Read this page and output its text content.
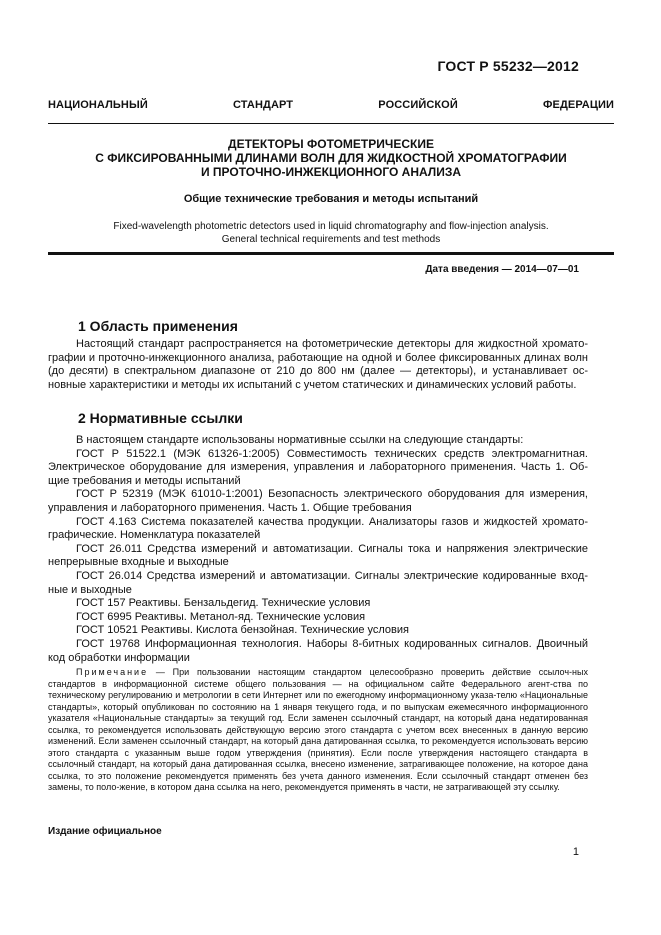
ГОСТ Р 55232—2012
НАЦИОНАЛЬНЫЙ СТАНДАРТ РОССИЙСКОЙ ФЕДЕРАЦИИ
ДЕТЕКТОРЫ ФОТОМЕТРИЧЕСКИЕ
С ФИКСИРОВАННЫМИ ДЛИНАМИ ВОЛН ДЛЯ ЖИДКОСТНОЙ ХРОМАТОГРАФИИ
И ПРОТОЧНО-ИНЖЕКЦИОННОГО АНАЛИЗА
Общие технические требования и методы испытаний
Fixed-wavelength photometric detectors used in liquid chromatography and flow-injection analysis.
General technical requirements and test methods
Дата введения — 2014—07—01
1 Область применения

Настоящий стандарт распространяется на фотометрические детекторы для жидкостной хромато-графии и проточно-инжекционного анализа, работающие на одной и более фиксированных длинах волн (до десяти) в спектральном диапазоне от 210 до 800 нм (далее — детекторы), и устанавливает ос-новные характеристики и методы их испытаний с учетом статических и динамических условий работы.

2 Нормативные ссылки

В настоящем стандарте использованы нормативные ссылки на следующие стандарты:

ГОСТ Р 51522.1 (МЭК 61326-1:2005) Совместимость технических средств электромагнитная. Электрическое оборудование для измерения, управления и лабораторного применения. Часть 1. Об-щие требования и методы испытаний

ГОСТ Р 52319 (МЭК 61010-1:2001) Безопасность электрического оборудования для измерения, управления и лабораторного применения. Часть 1. Общие требования

ГОСТ 4.163 Система показателей качества продукции. Анализаторы газов и жидкостей хромато-графические. Номенклатура показателей

ГОСТ 26.011 Средства измерений и автоматизации. Сигналы тока и напряжения электрические непрерывные входные и выходные

ГОСТ 26.014 Средства измерений и автоматизации. Сигналы электрические кодированные вход-ные и выходные

ГОСТ 157 Реактивы. Бензальдегид. Технические условия

ГОСТ 6995 Реактивы. Метанол-яд. Технические условия

ГОСТ 10521 Реактивы. Кислота бензойная. Технические условия

ГОСТ 19768 Информационная технология. Наборы 8-битных кодированных сигналов. Двоичный код обработки информации

Примечание — При пользовании настоящим стандартом целесообразно проверить действие ссылоч-ных стандартов в информационной системе общего пользования — на официальном сайте Федерального агент-ства по техническому регулированию и метрологии в сети Интернет или по ежегодному информационному указа-телю «Национальные стандарты», который опубликован по состоянию на 1 января текущего года, и по выпускам ежемесячного информационного указателя «Национальные стандарты» за текущий год. Если заменен ссылочный стандарт, на который дана недатированная ссылка, то рекомендуется использовать действующую версию этого стандарта с учетом всех внесенных в данную версию изменений. Если заменен ссылочный стандарт, на который дана датированная ссылка, то рекомендуется использовать версию этого стандарта с указанным выше годом утверждения (принятия). Если после утверждения настоящего стандарта в ссылочный стандарт, на который дана датированная ссылка, внесено изменение, затрагивающее положение, на которое дана ссылка, то это положение рекомендуется применять без учета данного изменения. Если ссылочный стандарт отменен без замены, то поло-жение, в котором дана ссылка на него, рекомендуется применять в части, не затрагивающей эту ссылку.

Издание официальное
1
